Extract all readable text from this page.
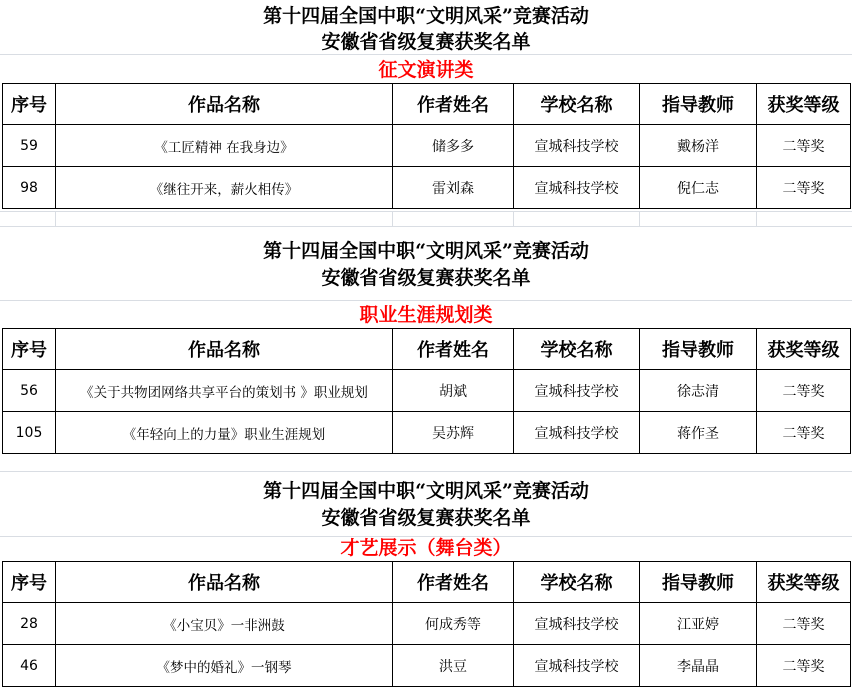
第十四届全国中职“文明风采”竞赛活动
安徽省省级复赛获奖名单
征文演讲类
序号	作品名称	作者姓名	学校名称	指导教师	获奖等级
59	《工匠精神 在我身边》	储多多	宣城科技学校	戴杨洋	二等奖
98	《继往开来，薪火相传》	雷刘森	宣城科技学校	倪仁志	二等奖
第十四届全国中职“文明风采”竞赛活动
安徽省省级复赛获奖名单
职业生涯规划类
序号	作品名称	作者姓名	学校名称	指导教师	获奖等级
56	《关于共物团网络共享平台的策划书 》职业规划	胡斌	宣城科技学校	徐志清	二等奖
105	《年轻向上的力量》职业生涯规划	吴苏辉	宣城科技学校	蒋作圣	二等奖
第十四届全国中职“文明风采”竞赛活动
安徽省省级复赛获奖名单
才艺展示（舞台类）
序号	作品名称	作者姓名	学校名称	指导教师	获奖等级
28	《小宝贝》一非洲鼓	何成秀等	宣城科技学校	江亚婷	二等奖
46	《梦中的婚礼》一钢琴	洪豆	宣城科技学校	李晶晶	二等奖
